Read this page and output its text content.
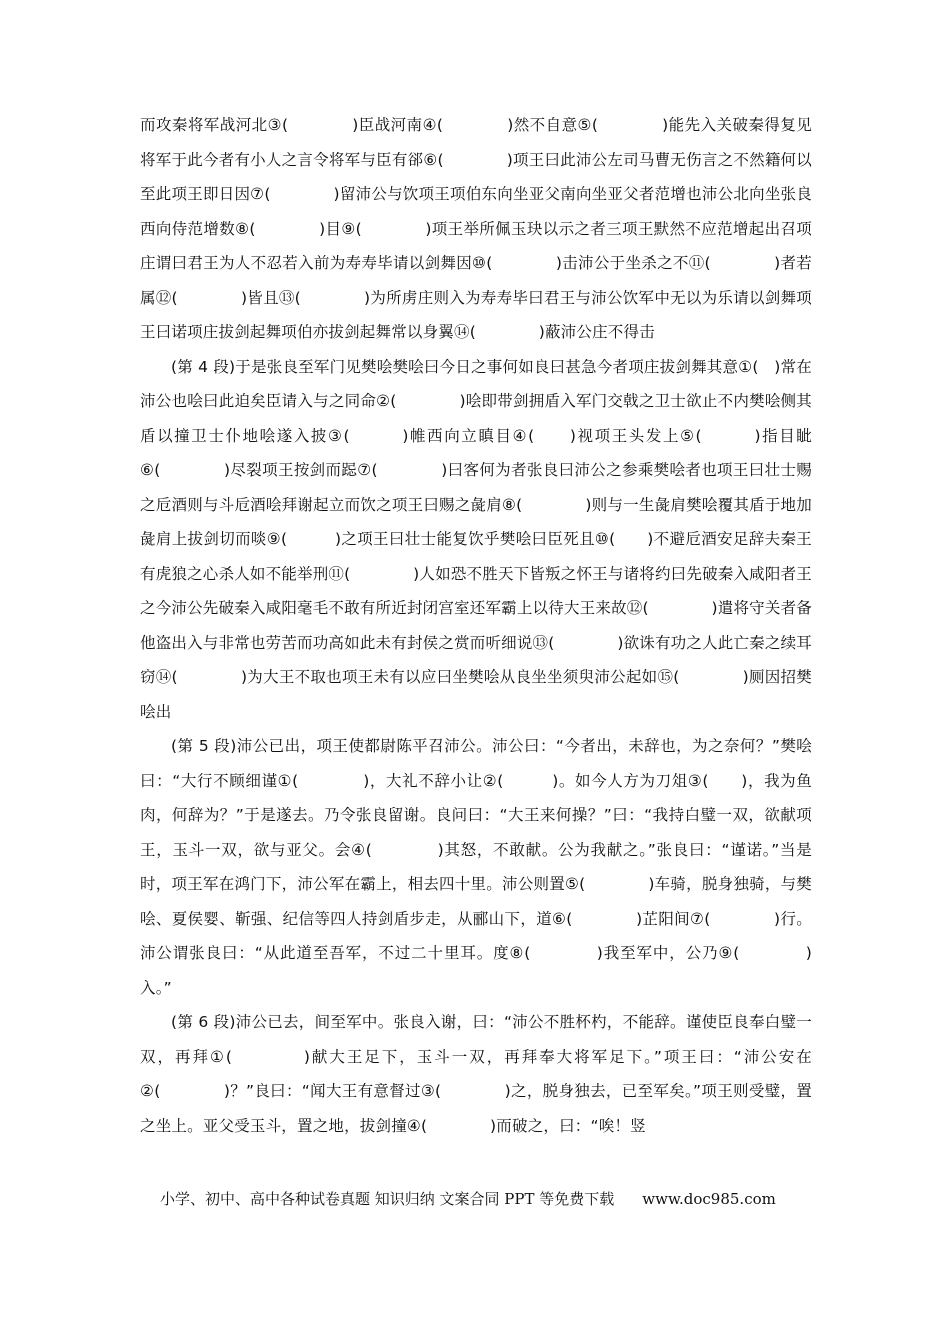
而攻秦将军战河北③(　　　　)臣战河南④(　　　　)然不自意⑤(　　　　)能先入关破秦得复见将军于此今者有小人之言令将军与臣有郤⑥(　　　　)项王曰此沛公左司马曹无伤言之不然籍何以至此项王即日因⑦(　　　　)留沛公与饮项王项伯东向坐亚父南向坐亚父者范增也沛公北向坐张良西向侍范增数⑧(　　　　)目⑨(　　　　)项王举所佩玉玦以示之者三项王默然不应范增起出召项庄谓曰君王为人不忍若入前为寿寿毕请以剑舞因⑩(　　　　)击沛公于坐杀之不⑪(　　　　)者若属⑫(　　　　)皆且⑬(　　　　)为所虏庄则入为寿寿毕曰君王与沛公饮军中无以为乐请以剑舞项王曰诺项庄拔剑起舞项伯亦拔剑起舞常以身翼⑭(　　　　)蔽沛公庄不得击

(第 4 段)于是张良至军门见樊哙樊哙曰今日之事何如良曰甚急今者项庄拔剑舞其意①(　)常在沛公也哙曰此迫矣臣请入与之同命②(　　　　)哙即带剑拥盾入军门交戟之卫士欲止不内樊哙侧其盾以撞卫士仆地哙遂入披③(　　　)帷西向立瞋目④(　　)视项王头发上⑤(　　　)指目眦⑥(　　　　)尽裂项王按剑而跽⑦(　　　　)曰客何为者张良曰沛公之参乘樊哙者也项王曰壮士赐之卮酒则与斗卮酒哙拜谢起立而饮之项王曰赐之彘肩⑧(　　　　)则与一生彘肩樊哙覆其盾于地加彘肩上拔剑切而啖⑨(　　　)之项王曰壮士能复饮乎樊哙曰臣死且⑩(　　)不避卮酒安足辞夫秦王有虎狼之心杀人如不能举刑⑪(　　　　)人如恐不胜天下皆叛之怀王与诸将约曰先破秦入咸阳者王之今沛公先破秦入咸阳毫毛不敢有所近封闭宫室还军霸上以待大王来故⑫(　　　　)遣将守关者备他盗出入与非常也劳苦而功高如此未有封侯之赏而听细说⑬(　　　　)欲诛有功之人此亡秦之续耳窃⑭(　　　　)为大王不取也项王未有以应曰坐樊哙从良坐坐须臾沛公起如⑮(　　　　)厕因招樊哙出

(第 5 段)沛公已出，项王使都尉陈平召沛公。沛公曰：“今者出，未辞也，为之奈何？”樊哙曰：“大行不顾细谨①(　　　　)，大礼不辞小让②(　　　)。如今人方为刀俎③(　　)，我为鱼肉，何辞为？”于是遂去。乃令张良留谢。良问曰：“大王来何操？”曰：“我持白璧一双，欲献项王，玉斗一双，欲与亚父。会④(　　　　)其怒，不敢献。公为我献之。”张良曰：“谨诺。”当是时，项王军在鸿门下，沛公军在霸上，相去四十里。沛公则置⑤(　　　　)车骑，脱身独骑，与樊哙、夏侯婴、靳强、纪信等四人持剑盾步走，从郦山下，道⑥(　　　　)芷阳间⑦(　　　　)行。沛公谓张良曰：“从此道至吾军，不过二十里耳。度⑧(　　　　)我至军中，公乃⑨(　　　　)入。”

(第 6 段)沛公已去，间至军中。张良入谢，曰：“沛公不胜杯杓，不能辞。谨使臣良奉白璧一双，再拜①(　　　　)献大王足下，玉斗一双，再拜奉大将军足下。”项王曰：“沛公安在②(　　　　)？”良曰：“闻大王有意督过③(　　　　)之，脱身独去，已至军矣。”项王则受璧，置之坐上。亚父受玉斗，置之地，拔剑撞④(　　　　)而破之，曰：“唉！竖

小学、初中、高中各种试卷真题 知识归纳 文案合同 PPT 等免费下载 www.doc985.com
